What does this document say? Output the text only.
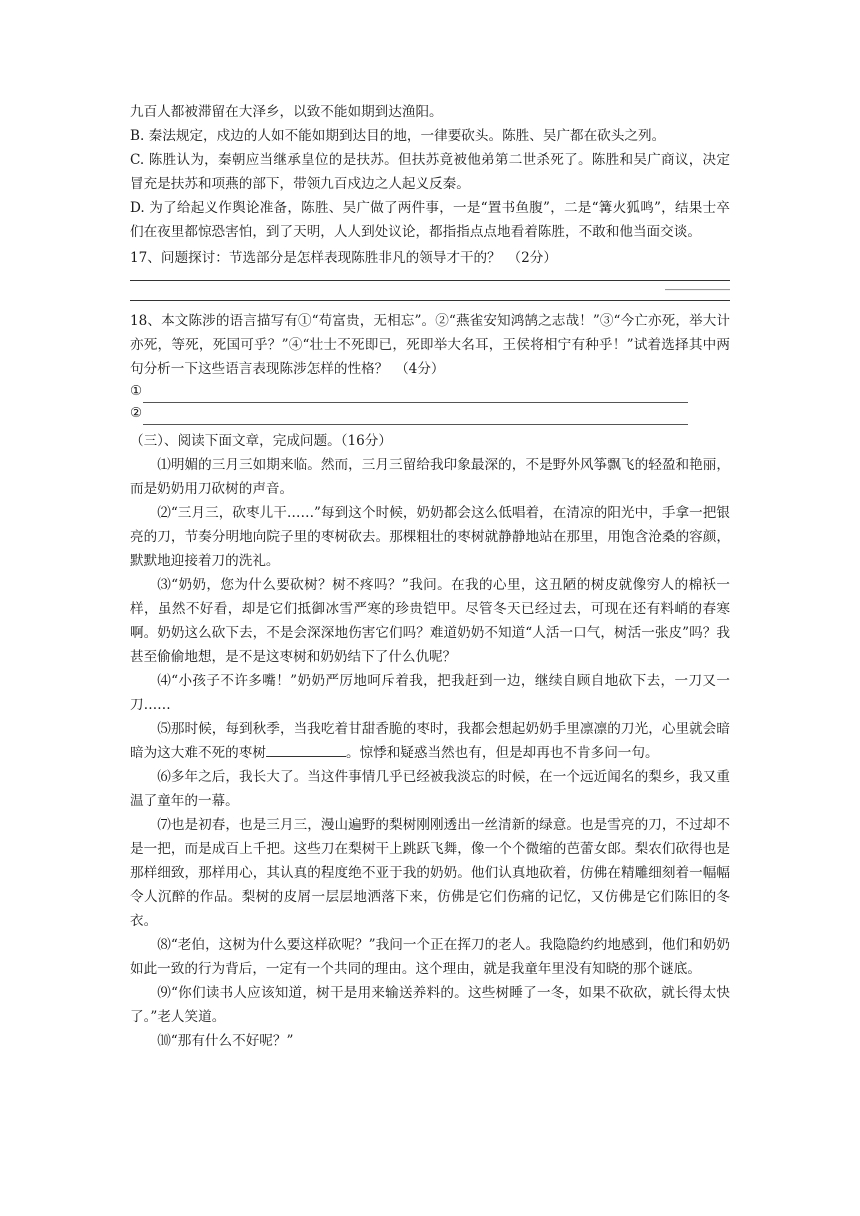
九百人都被滞留在大泽乡，以致不能如期到达渔阳。

B. 秦法规定，戍边的人如不能如期到达目的地，一律要砍头。陈胜、吴广都在砍头之列。

C. 陈胜认为，秦朝应当继承皇位的是扶苏。但扶苏竟被他弟第二世杀死了。陈胜和吴广商议，决定冒充是扶苏和项燕的部下，带领九百戍边之人起义反秦。

D. 为了给起义作舆论准备，陈胜、吴广做了两件事，一是“置书鱼腹”，二是“篝火狐鸣”，结果士卒们在夜里都惊恐害怕，到了天明，人人到处议论，都指指点点地看着陈胜，不敢和他当面交谈。

17、问题探讨：节选部分是怎样表现陈胜非凡的领导才干的？　（2分）

__________

18、本文陈涉的语言描写有①“苟富贵，无相忘”。②“燕雀安知鸿鹄之志哉！”③“今亡亦死，举大计亦死，等死，死国可乎？”④“壮士不死即已，死即举大名耳，王侯将相宁有种乎！”试着选择其中两句分析一下这些语言表现陈涉怎样的性格？　（4分）

①
②

（三）、阅读下面文章，完成问题。（16分）

⑴明媚的三月三如期来临。然而，三月三留给我印象最深的，不是野外风筝飘飞的轻盈和艳丽，而是奶奶用刀砍树的声音。

⑵“三月三，砍枣儿干……”每到这个时候，奶奶都会这么低唱着，在清凉的阳光中，手拿一把银亮的刀，节奏分明地向院子里的枣树砍去。那棵粗壮的枣树就静静地站在那里，用饱含沧桑的容颜，默默地迎接着刀的洗礼。

⑶“奶奶，您为什么要砍树？树不疼吗？”我问。在我的心里，这丑陋的树皮就像穷人的棉袄一样，虽然不好看，却是它们抵御冰雪严寒的珍贵铠甲。尽管冬天已经过去，可现在还有料峭的春寒啊。奶奶这么砍下去，不是会深深地伤害它们吗？难道奶奶不知道“人活一口气，树活一张皮”吗？我甚至偷偷地想，是不是这枣树和奶奶结下了什么仇呢？

⑷“小孩子不许多嘴！”奶奶严厉地呵斥着我，把我赶到一边，继续自顾自地砍下去，一刀又一刀……

⑸那时候，每到秋季，当我吃着甘甜香脆的枣时，我都会想起奶奶手里凛凛的刀光，心里就会暗暗为这大难不死的枣树	。惊悸和疑惑当然也有，但是却再也不肯多问一句。

⑹多年之后，我长大了。当这件事情几乎已经被我淡忘的时候，在一个远近闻名的梨乡，我又重温了童年的一幕。

⑺也是初春，也是三月三，漫山遍野的梨树刚刚透出一丝清新的绿意。也是雪亮的刀，不过却不是一把，而是成百上千把。这些刀在梨树干上跳跃飞舞，像一个个微缩的芭蕾女郎。梨农们砍得也是那样细致，那样用心，其认真的程度绝不亚于我的奶奶。他们认真地砍着，仿佛在精雕细刻着一幅幅令人沉醉的作品。梨树的皮屑一层层地洒落下来，仿佛是它们伤痛的记忆，又仿佛是它们陈旧的冬衣。

⑻“老伯，这树为什么要这样砍呢？”我问一个正在挥刀的老人。我隐隐约约地感到，他们和奶奶如此一致的行为背后，一定有一个共同的理由。这个理由，就是我童年里没有知晓的那个谜底。

⑼“你们读书人应该知道，树干是用来输送养料的。这些树睡了一冬，如果不砍砍，就长得太快了。”老人笑道。

⑽“那有什么不好呢？”
